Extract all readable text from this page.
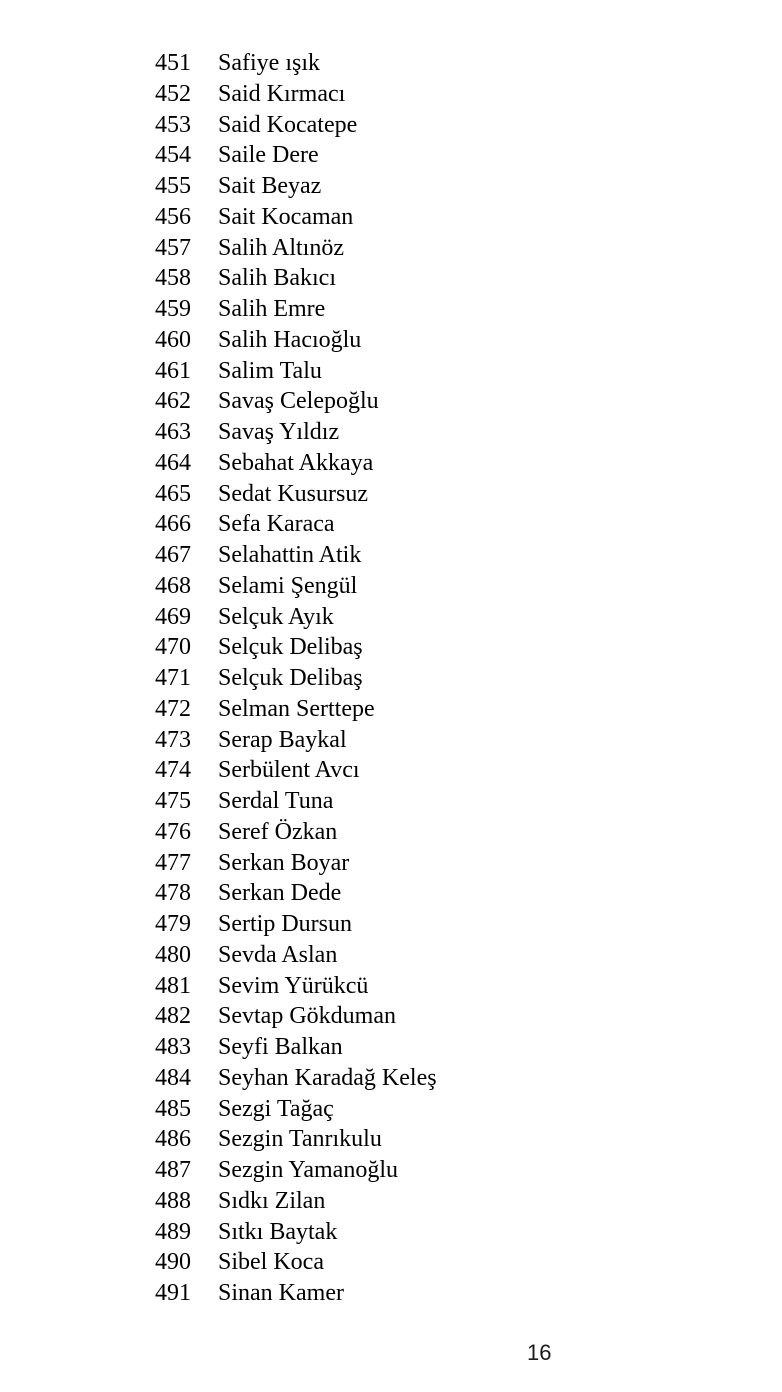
451	Safiye ışık
452	Said Kırmacı
453	Said Kocatepe
454	Saile Dere
455	Sait Beyaz
456	Sait Kocaman
457	Salih Altınöz
458	Salih Bakıcı
459	Salih Emre
460	Salih Hacıoğlu
461	Salim Talu
462	Savaş Celepoğlu
463	Savaş Yıldız
464	Sebahat Akkaya
465	Sedat Kusursuz
466	Sefa Karaca
467	Selahattin Atik
468	Selami Şengül
469	Selçuk Ayık
470	Selçuk Delibaş
471	Selçuk Delibaş
472	Selman Serttepe
473	Serap Baykal
474	Serbülent Avcı
475	Serdal Tuna
476	Seref Özkan
477	Serkan Boyar
478	Serkan Dede
479	Sertip Dursun
480	Sevda Aslan
481	Sevim Yürükcü
482	Sevtap Gökduman
483	Seyfi Balkan
484	Seyhan Karadağ Keleş
485	Sezgi Tağaç
486	Sezgin Tanrıkulu
487	Sezgin Yamanoğlu
488	Sıdkı Zilan
489	Sıtkı Baytak
490	Sibel Koca
491	Sinan Kamer
16
